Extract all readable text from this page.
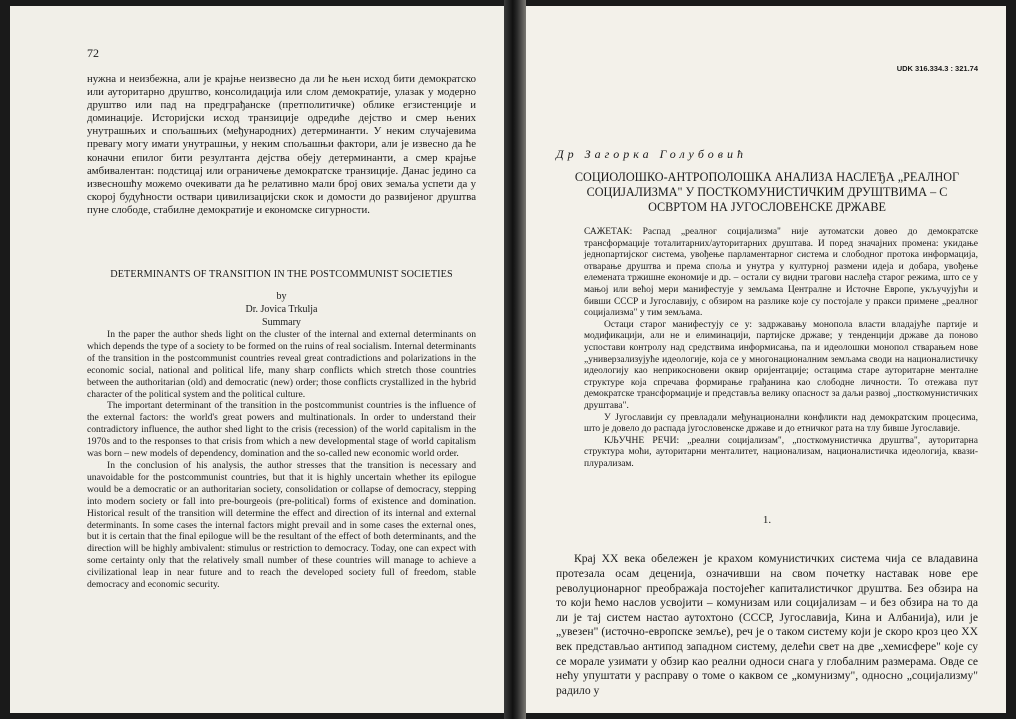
72

нужна и неизбежна, али је крајње неизвесно да ли ће њен исход бити демократско или ауторитарно друштво, консолидација или слом демократије, улазак у модерно друштво или пад на предграђанске (претполитичке) облике егзистенције и доминације. Историјски исход транзиције одредиће дејство и смер њених унутрашњих и спољашњих (међународних) детерминанти. У неким случајевима превагу могу имати унутрашњи, у неким спољашњи фактори, али је извесно да ће коначни епилог бити резултанта дејства обеју детерминанти, а смер крајње амбивалентан: подстицај или ограничење демократске транзиције. Данас једино са извесношћу можемо очекивати да ће релативно мали број ових земаља успети да у скорој будућности оствари цивилизацијски скок и домости до развијеног друштва пуне слободе, стабилне демократије и економске сигурности.

DETERMINANTS OF TRANSITION IN THE POSTCOMMUNIST SOCIETIES

by

Dr. Jovica Trkulja

Summary

In the paper the author sheds light on the cluster of the internal and external determinants on which depends the type of a society to be formed on the ruins of real socialism. Internal determinants of the transition in the postcommunist countries reveal great contradictions and polarizations in the economic social, national and political life, many sharp conflicts which stretch those countries between the authoritarian (old) and democratic (new) order; those conflicts crystallized in the hybrid character of the political system and the political culture.

The important determinant of the transition in the postcommunist countries is the influence of the external factors: the world's great powers and multinationals. In order to understand their contradictory influence, the author shed light to the crisis (recession) of the world capitalism in the 1970s and to the responses to that crisis from which a new developmental stage of world capitalism was born – new models of dependency, domination and the so-called new economic world order.

In the conclusion of his analysis, the author stresses that the transition is necessary and unavoidable for the postcommunist countries, but that it is highly uncertain whether its epilogue would be a democratic or an authoritarian society, consolidation or collapse of democracy, stepping into modern society or fall into pre-bourgeois (pre-political) forms of existence and domination. Historical result of the transition will determine the effect and direction of its internal and external determinants. In some cases the internal factors might prevail and in some cases the external ones, but it is certain that the final epilogue will be the resultant of the effect of both determinants, and the direction will be highly ambivalent: stimulus or restriction to democracy. Today, one can expect with some certainty only that the relatively small number of these countries will manage to achieve a civilizational leap in near future and to reach the developed society full of freedom, stable democracy and economic security.

UDK 316.334.3 : 321.74

Др Загорка Голубовић

СОЦИОЛОШКО-АНТРОПОЛОШКА АНАЛИЗА НАСЛЕЂА „РЕАЛНОГ СОЦИЈАЛИЗМА" У ПОСТКОМУНИСТИЧКИМ ДРУШТВИМА – С ОСВРТОМ НА ЈУГОСЛОВЕНСКЕ ДРЖАВЕ

САЖЕТАК: Распад „реалног социјализма" није аутоматски довео до демократске трансформације тоталитарних/ауторитарних друштава. И поред значајних промена: укидање једнопартијског система, увођење парламентарног система и слободног протока информација, отварање друштва и према споља и унутра у културној размени идеја и добара, увођење елемената тржишне економије и др. – остали су видни трагови наслеђа старог режима, што се у мањој или већој мери манифестује у земљама Централне и Источне Европе, укључујући и бивши СССР и Југославију, с обзиром на разлике које су постојале у пракси примене „реалног социјализма" у тим земљама.

Остаци старог манифестују се у: задржавању монопола власти владајуће партије и модификацији, али не и елиминацији, партијске државе; у тенденцији државе да поново успостави контролу над средствима информисања, па и идеолошки монопол стварањем нове „универзализујуће идеологије, која се у многонационалним земљама своди на националистичку идеологију као неприкосновени оквир оријентације; остацима старе ауторитарне менталне структуре која спречава формирање грађанина као слободне личности. То отежава пут демократске трансформације и представља велику опасност за даљи развој „посткомунистичких друштава".

У Југославији су превладали међунационални конфликти над демократским процесима, што је довело до распада југословенске државе и до етничког рата на тлу бивше Југославије.

КЉУЧНЕ РЕЧИ: „реални социјализам", „посткомунистичка друштва", ауторитарна структура моћи, ауторитарни менталитет, национализам, националистичка идеологија, квази-плурализам.

1.

Крај XX века обележен је крахом комунистичких система чија се владавина протезала осам деценија, означивши на свом почетку наставак нове ере револуционарног преображаја постојећег капиталистичког друштва. Без обзира на то који ћемо наслов усвојити – комунизам или социјализам – и без обзира на то да ли је тај систем настао аутохтоно (СССР, Југославија, Кина и Албанија), или је „увезен" (источно-европске земље), реч је о таком систему који је скоро кроз цео XX век представљао антипод западном систему, делећи свет на две „хемисфере" које су се морале узимати у обзир као реални односи снага у глобалним размерама. Овде се нећу упуштати у расправу о томе о каквом се „комунизму", односно „социјализму" радило у
